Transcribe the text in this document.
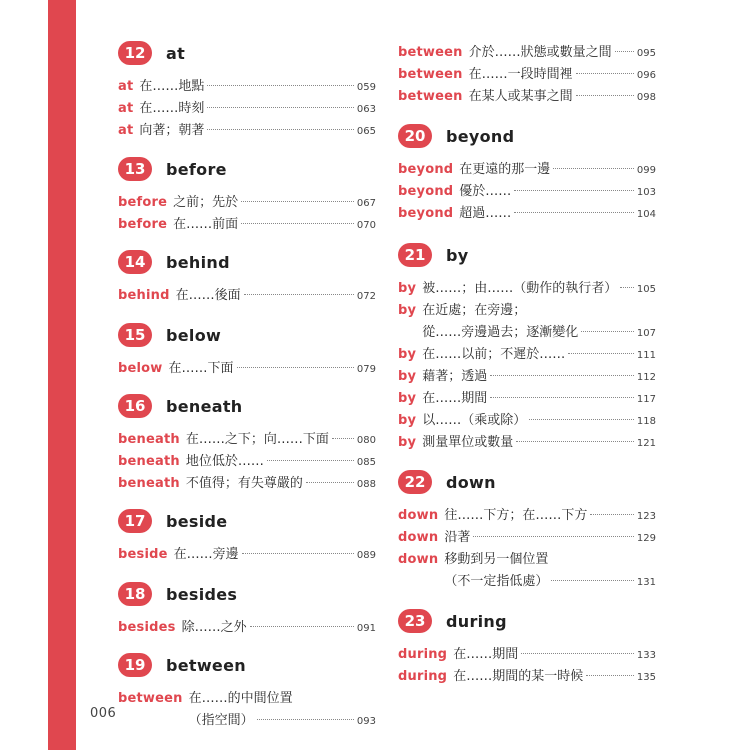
12	at
at 在……地點	059
at 在……時刻	063
at 向著；朝著	065
13	before
before 之前；先於	067
before 在……前面	070
14	behind
behind 在……後面	072
15	below
below 在……下面	079
16	beneath
beneath 在……之下；向……下面	080
beneath 地位低於……	085
beneath 不值得；有失尊嚴的	088
17	beside
beside 在……旁邊	089
18	besides
besides 除……之外	091
19	between
between 在……的中間位置
（指空間）	093
between 介於……狀態或數量之間	095
between 在……一段時間裡	096
between 在某人或某事之間	098
20	beyond
beyond 在更遠的那一邊	099
beyond 優於……	103
beyond 超過……	104
21	by
by 被……；由……（動作的執行者） 105
by 在近處；在旁邊；
從……旁邊過去；逐漸變化	107
by 在……以前；不遲於……	111
by 藉著；透過	112
by 在……期間	117
by 以……（乘或除）	118
by 測量單位或數量	121
22	down
down 往……下方；在……下方	123
down 沿著	129
down 移動到另一個位置
（不一定指低處）	131
23	during
during 在……期間	133
during 在……期間的某一時候	135
006
